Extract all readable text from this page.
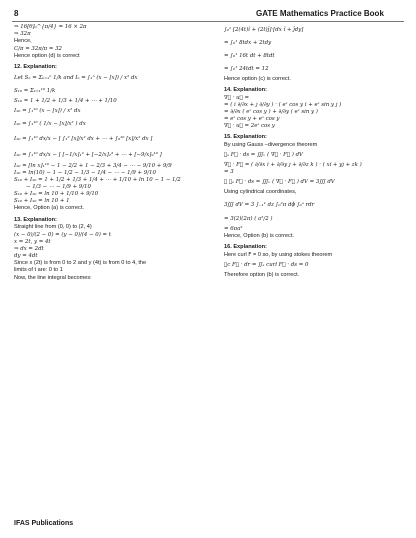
8	GATE Mathematics Practice Book
⇒ 16[θ]₀^{π/4} = 16 × 2π
⇒ 32π
Hence,
C/π = 32π/π = 32
Hence option (d) is correct
12. Explanation:
Let Sₙ = Σₖ₌₁ⁿ 1/k and Iₙ = ∫₁ⁿ (x − [x]) / x² dx
S₁₀ = Σₖ₌₁¹⁰ 1/k
S₁₀ = 1 + 1/2 + 1/3 + 1/4 + ⋯ + 1/10
I₁₀ = ∫₁¹⁰ (x − [x]) / x² dx
I₁₀ = ∫₁¹⁰ ( 1/x − [x]/x² ) dx
I₁₀ = ∫₁¹⁰ dx/x − [ ∫₁² [x]/x² dx + ⋯ + ∫₉¹⁰ [x]/x² dx ]
I₁₀ = ∫₁¹⁰ dx/x − [ [−1/x]₁² + [−2/x]₂³ + ⋯ + [−9/x]₉¹⁰ ]
I₁₀ = [ln x]₁¹⁰ − 1 − 2/2 + 1 − 2/3 + 3/4 − ⋯ − 9/10 + 9/9
I₁₀ = ln(10) − 1 − 1/2 − 1/3 − 1/4 − ⋯ − 1/9 + 9/10
S₁₀ + I₁₀ = 1 + 1/2 + 1/3 + 1/4 + ⋯ + 1/10 + ln 10 − 1 − 1/2
− 1/3 − ⋯ − 1/9 + 9/10
S₁₀ + I₁₀ = ln 10 + 1/10 + 9/10
S₁₀ + I₁₀ = ln 10 + 1
Hence, Option (a) is correct.
13. Explanation:
Straight line from (0, 0) to (2, 4)
(x − 0)/(2 − 0) = (y − 0)/(4 − 0) = t
x = 2t, y = 4t
⇒ dx = 2dt
dy = 4dt
Since x (2t) is from 0 to 2 and y (4t) is from 0 to 4, the
limits of t are: 0 to 1
Now, the line integral becomes:
∫₀¹ [2(4t)î + (2t)ĵ]·[dx î + ĵdy]
= ∫₀¹ 8tdx + 2tdy
= ∫₀¹ 16t dt + 8tdt
= ∫₀¹ 24tdt = 12
Hence option (c) is correct.
14. Explanation:
∇⃗ · u⃗ =
= ( î ∂/∂x + ĵ ∂/∂y ) · ( eˣ cos y î + eˣ sin y ĵ )
= ∂/∂x ( eˣ cos y ) + ∂/∂y ( eˣ sin y )
= eˣ cos y + eˣ cos y
∇⃗ · u⃗ = 2eˣ cos y
15. Explanation:
By using Gauss –divergence theorem
∯ₛ F⃗ · ds = ∭ᵥ ( ∇⃗ · F⃗ ) dV
∇⃗ · F⃗ = ( ∂/∂x î + ∂/∂y ĵ + ∂/∂z k̂ ) · ( xî + yĵ + zk̂ )
= 3
∴ ∯ₛ F⃗ · ds = ∭ᵥ ( ∇⃗ · F⃗ ) dV = 3∭ dV
Using cylindrical coordinates,
3∭ dV = 3 ∫₋₁¹ dz ∫₀²π dϕ ∫₀ᵃ rdr
= 3(2)(2π) ( a²/2 )
= 6πa²
Hence, Option (b) is correct.
16. Explanation:
Here curl F⃗ = 0 so, by using stokes theorem
∮c F⃗ · dr = ∬ₛ curl F⃗ · ds = 0
Therefore option (b) is correct.
IFAS Publications
